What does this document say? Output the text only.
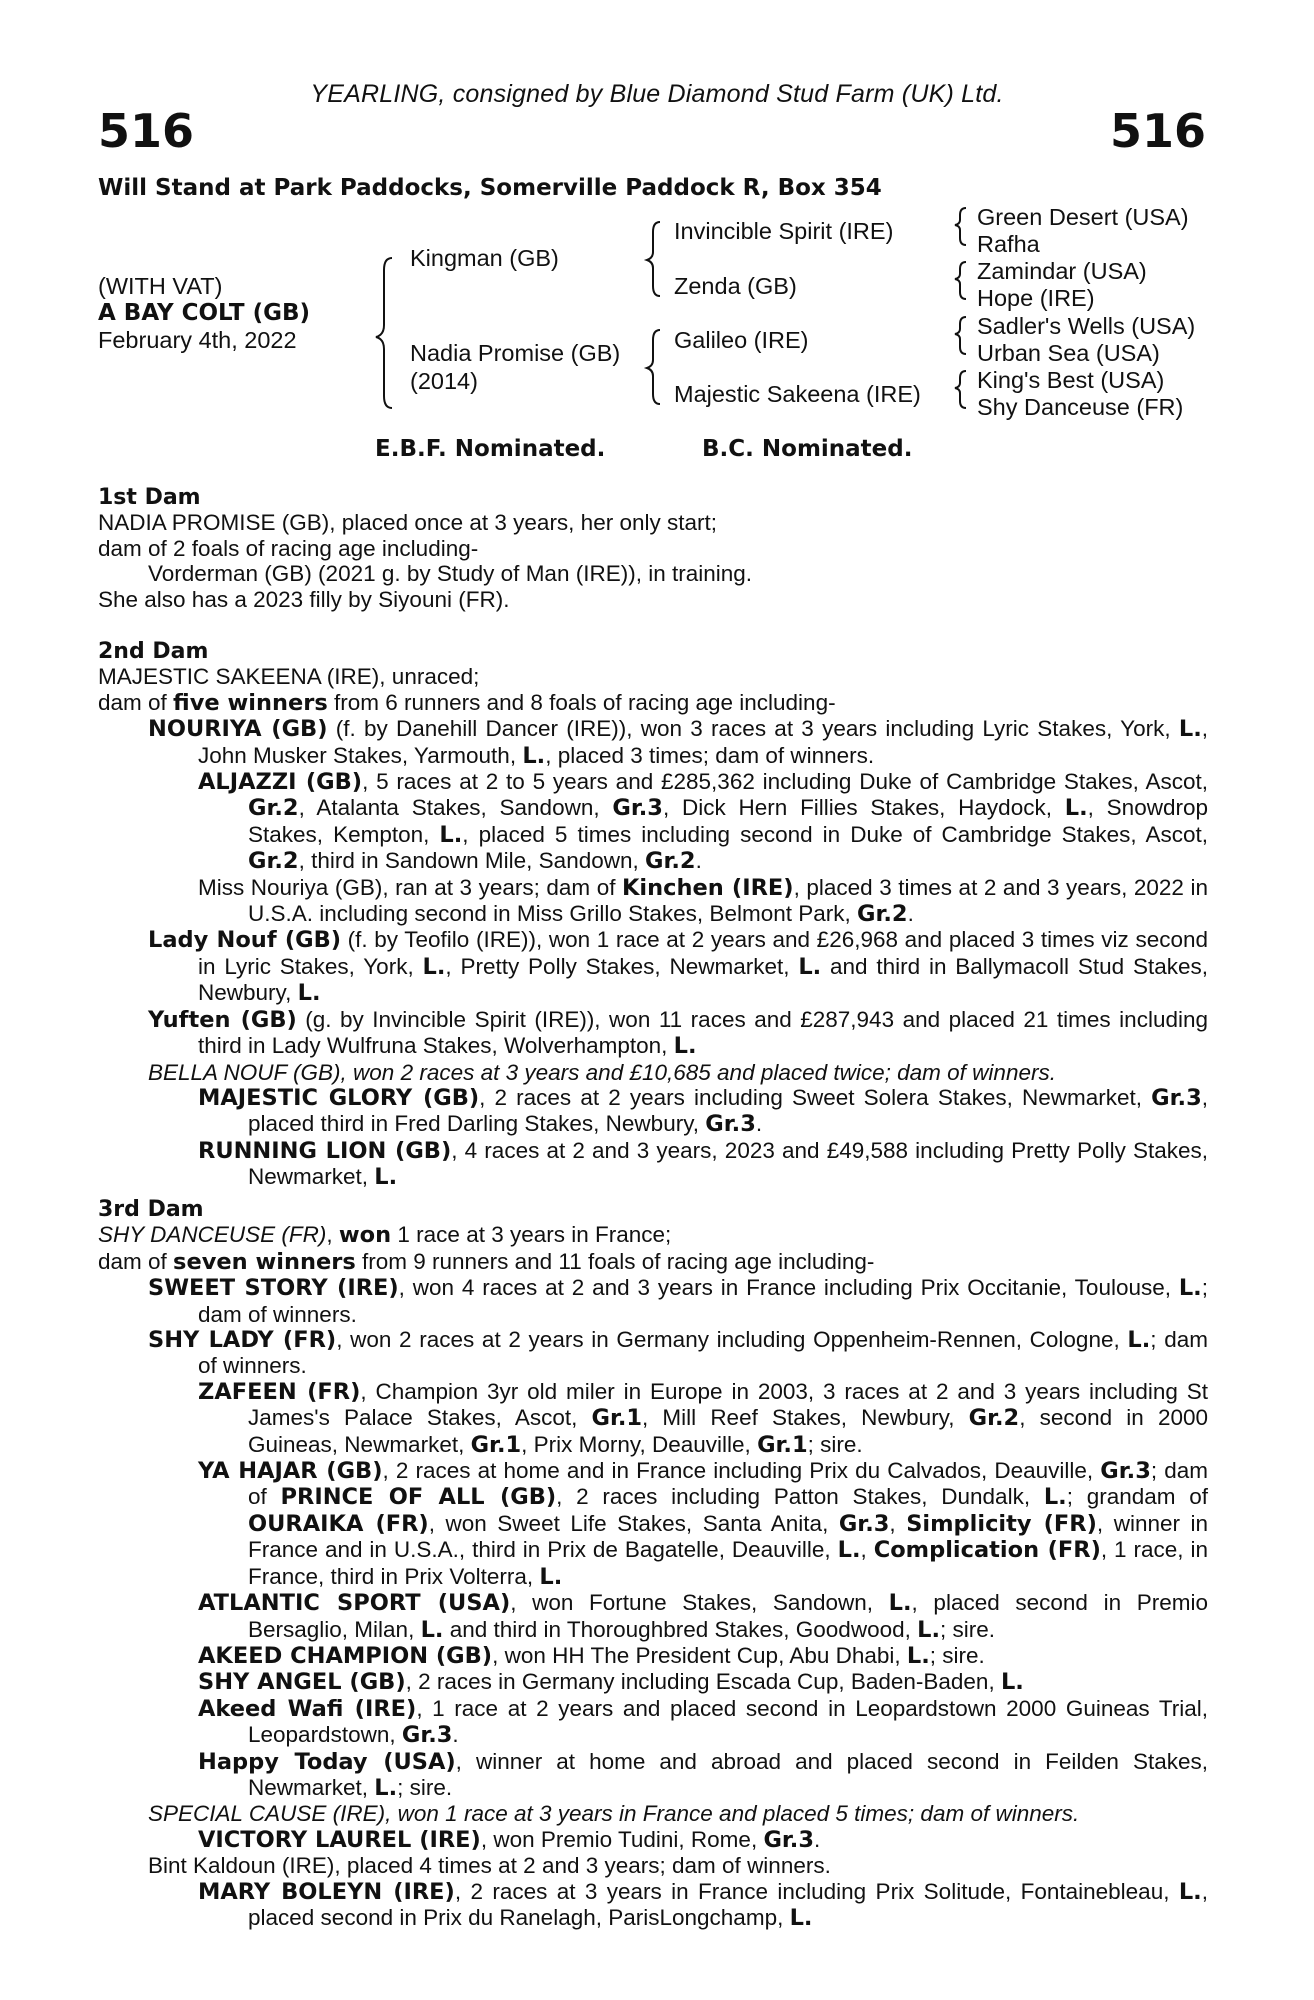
YEARLING, consigned by Blue Diamond Stud Farm (UK) Ltd.
516	516
Will Stand at Park Paddocks, Somerville Paddock R, Box 354
(WITH VAT)
A BAY COLT (GB)
February 4th, 2022
Kingman (GB)
Nadia Promise (GB)
(2014)
Invincible Spirit (IRE)
Zenda (GB)
Galileo (IRE)
Majestic Sakeena (IRE)
Green Desert (USA)
Rafha
Zamindar (USA)
Hope (IRE)
Sadler's Wells (USA)
Urban Sea (USA)
King's Best (USA)
Shy Danceuse (FR)
E.B.F. Nominated.	B.C. Nominated.
1st Dam
NADIA PROMISE (GB), placed once at 3 years, her only start;
dam of 2 foals of racing age including-
Vorderman (GB) (2021 g. by Study of Man (IRE)), in training.
She also has a 2023 filly by Siyouni (FR).
2nd Dam
MAJESTIC SAKEENA (IRE), unraced;
dam of five winners from 6 runners and 8 foals of racing age including-
NOURIYA (GB) (f. by Danehill Dancer (IRE)), won 3 races at 3 years including Lyric Stakes, York, L., John Musker Stakes, Yarmouth, L., placed 3 times; dam of winners.
ALJAZZI (GB), 5 races at 2 to 5 years and £285,362 including Duke of Cambridge Stakes, Ascot, Gr.2, Atalanta Stakes, Sandown, Gr.3, Dick Hern Fillies Stakes, Haydock, L., Snowdrop Stakes, Kempton, L., placed 5 times including second in Duke of Cambridge Stakes, Ascot, Gr.2, third in Sandown Mile, Sandown, Gr.2.
Miss Nouriya (GB), ran at 3 years; dam of Kinchen (IRE), placed 3 times at 2 and 3 years, 2022 in U.S.A. including second in Miss Grillo Stakes, Belmont Park, Gr.2.
Lady Nouf (GB) (f. by Teofilo (IRE)), won 1 race at 2 years and £26,968 and placed 3 times viz second in Lyric Stakes, York, L., Pretty Polly Stakes, Newmarket, L. and third in Ballymacoll Stud Stakes, Newbury, L.
Yuften (GB) (g. by Invincible Spirit (IRE)), won 11 races and £287,943 and placed 21 times including third in Lady Wulfruna Stakes, Wolverhampton, L.
BELLA NOUF (GB), won 2 races at 3 years and £10,685 and placed twice; dam of winners.
MAJESTIC GLORY (GB), 2 races at 2 years including Sweet Solera Stakes, Newmarket, Gr.3, placed third in Fred Darling Stakes, Newbury, Gr.3.
RUNNING LION (GB), 4 races at 2 and 3 years, 2023 and £49,588 including Pretty Polly Stakes, Newmarket, L.
3rd Dam
SHY DANCEUSE (FR), won 1 race at 3 years in France;
dam of seven winners from 9 runners and 11 foals of racing age including-
SWEET STORY (IRE), won 4 races at 2 and 3 years in France including Prix Occitanie, Toulouse, L.; dam of winners.
SHY LADY (FR), won 2 races at 2 years in Germany including Oppenheim-Rennen, Cologne, L.; dam of winners.
ZAFEEN (FR), Champion 3yr old miler in Europe in 2003, 3 races at 2 and 3 years including St James's Palace Stakes, Ascot, Gr.1, Mill Reef Stakes, Newbury, Gr.2, second in 2000 Guineas, Newmarket, Gr.1, Prix Morny, Deauville, Gr.1; sire.
YA HAJAR (GB), 2 races at home and in France including Prix du Calvados, Deauville, Gr.3; dam of PRINCE OF ALL (GB), 2 races including Patton Stakes, Dundalk, L.; grandam of OURAIKA (FR), won Sweet Life Stakes, Santa Anita, Gr.3, Simplicity (FR), winner in France and in U.S.A., third in Prix de Bagatelle, Deauville, L., Complication (FR), 1 race, in France, third in Prix Volterra, L.
ATLANTIC SPORT (USA), won Fortune Stakes, Sandown, L., placed second in Premio Bersaglio, Milan, L. and third in Thoroughbred Stakes, Goodwood, L.; sire.
AKEED CHAMPION (GB), won HH The President Cup, Abu Dhabi, L.; sire.
SHY ANGEL (GB), 2 races in Germany including Escada Cup, Baden-Baden, L.
Akeed Wafi (IRE), 1 race at 2 years and placed second in Leopardstown 2000 Guineas Trial, Leopardstown, Gr.3.
Happy Today (USA), winner at home and abroad and placed second in Feilden Stakes, Newmarket, L.; sire.
SPECIAL CAUSE (IRE), won 1 race at 3 years in France and placed 5 times; dam of winners.
VICTORY LAUREL (IRE), won Premio Tudini, Rome, Gr.3.
Bint Kaldoun (IRE), placed 4 times at 2 and 3 years; dam of winners.
MARY BOLEYN (IRE), 2 races at 3 years in France including Prix Solitude, Fontainebleau, L., placed second in Prix du Ranelagh, ParisLongchamp, L.
